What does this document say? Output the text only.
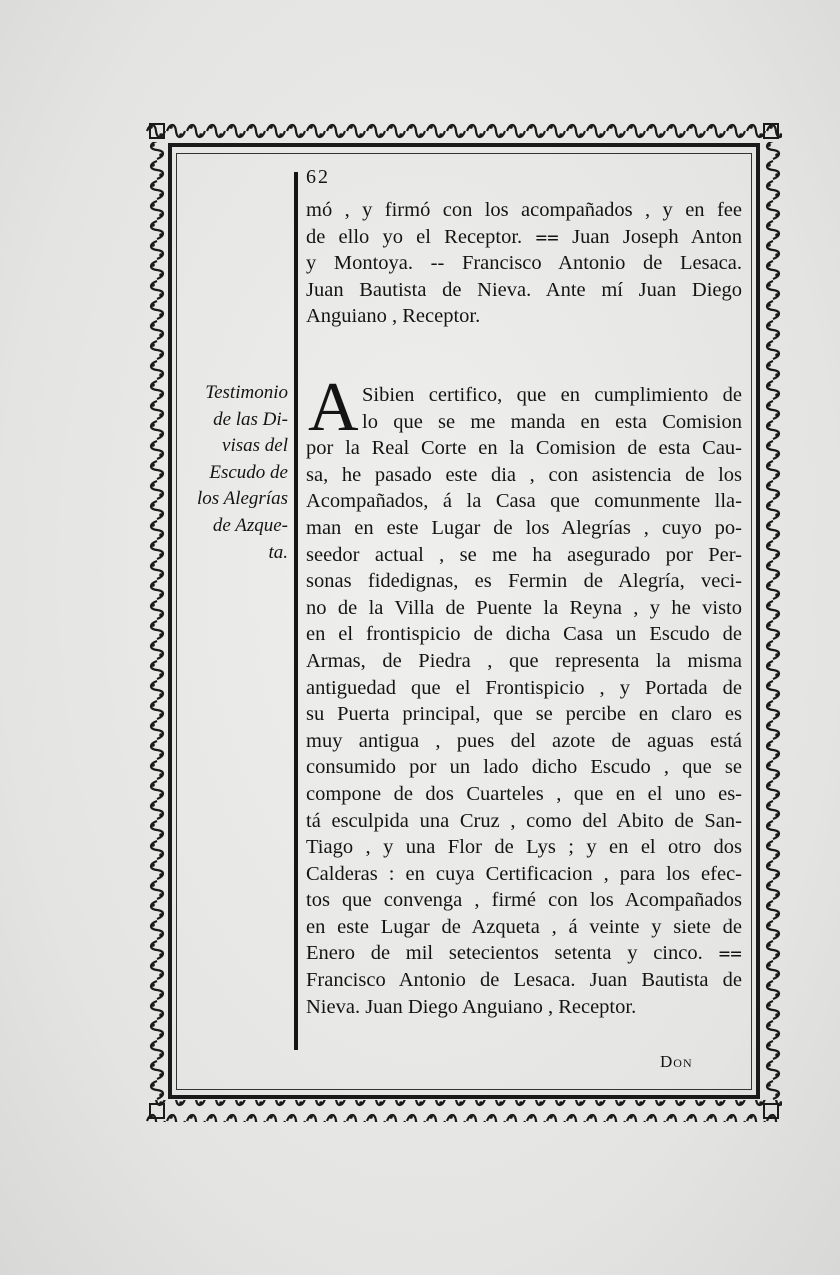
62
mó , y firmó con los acompañados , y en fee
de ello yo el Receptor. ⩵ Juan Joseph Anton
y Montoya. -- Francisco Antonio de Lesaca.
Juan Bautista de Nieva. Ante mí Juan Diego
Anguiano , Receptor.
A Sibien certifico, que en cumplimiento de
lo que se me manda en esta Comision
por la Real Corte en la Comision de esta Cau-
sa, he pasado este dia , con asistencia de los
Acompañados, á la Casa que comunmente lla-
man en este Lugar de los Alegrías , cuyo po-
seedor actual , se me ha asegurado por Per-
sonas fidedignas, es Fermin de Alegría, veci-
no de la Villa de Puente la Reyna , y he visto
en el frontispicio de dicha Casa un Escudo de
Armas, de Piedra , que representa la misma
antiguedad que el Frontispicio , y Portada de
su Puerta principal, que se percibe en claro es
muy antigua , pues del azote de aguas está
consumido por un lado dicho Escudo , que se
compone de dos Cuarteles , que en el uno es-
tá esculpida una Cruz , como del Abito de San-
Tiago , y una Flor de Lys ; y en el otro dos
Calderas : en cuya Certificacion , para los efec-
tos que convenga , firmé con los Acompañados
en este Lugar de Azqueta , á veinte y siete de
Enero de mil setecientos setenta y cinco. ⩵
Francisco Antonio de Lesaca. Juan Bautista de
Nieva. Juan Diego Anguiano , Receptor.
Testimonio
de las Di-
visas del
Escudo de
los Alegrías
de Azque-
ta.
Don
